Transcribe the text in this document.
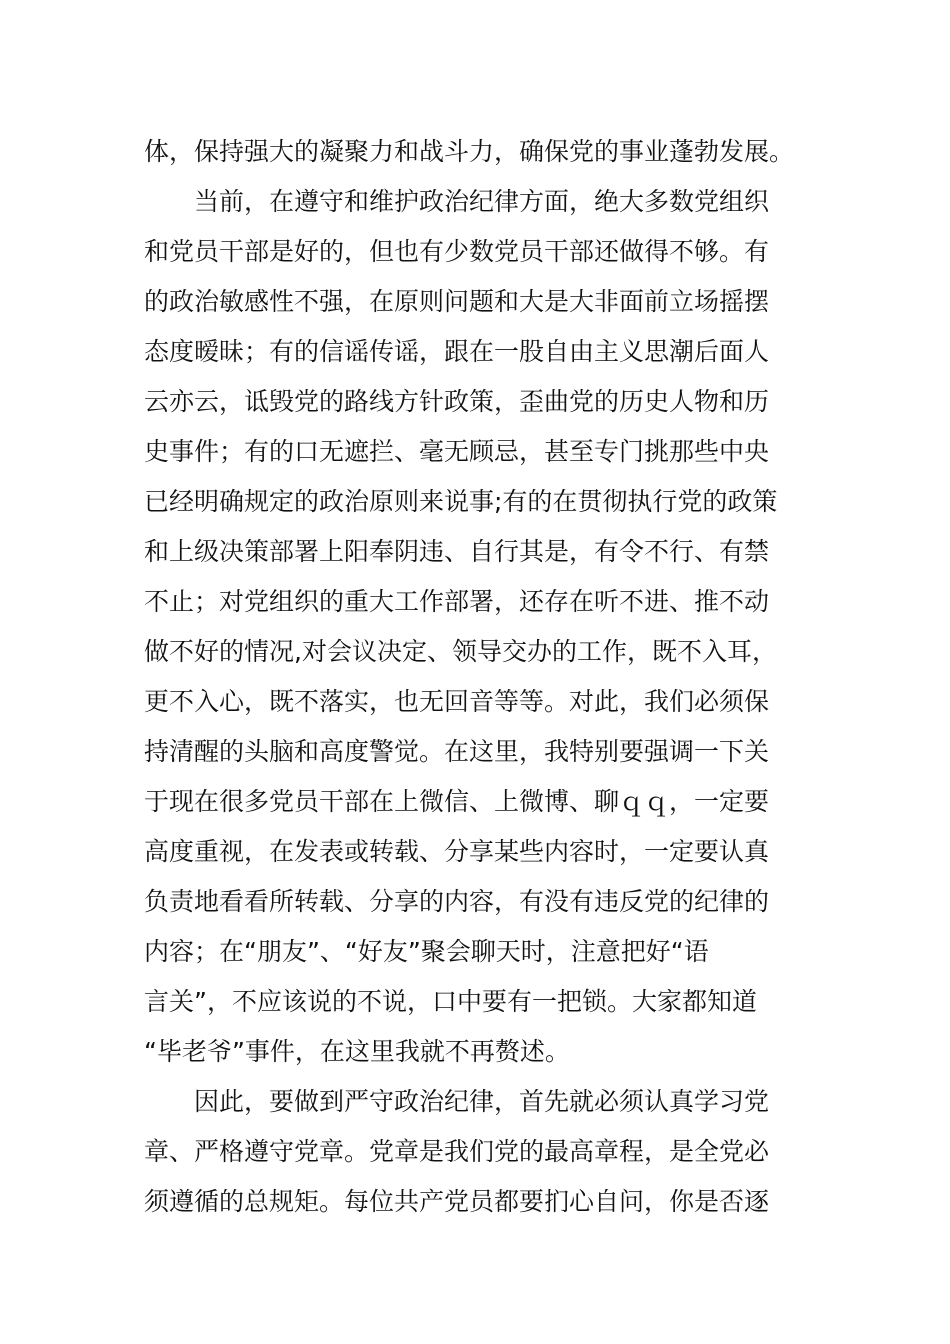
体，保持强大的凝聚力和战斗力，确保党的事业蓬勃发展。
当前，在遵守和维护政治纪律方面，绝大多数党组织
和党员干部是好的，但也有少数党员干部还做得不够。有
的政治敏感性不强，在原则问题和大是大非面前立场摇摆
态度暧昧；有的信谣传谣，跟在一股自由主义思潮后面人
云亦云，诋毁党的路线方针政策，歪曲党的历史人物和历
史事件；有的口无遮拦、毫无顾忌，甚至专门挑那些中央
已经明确规定的政治原则来说事;有的在贯彻执行党的政策
和上级决策部署上阳奉阴违、自行其是，有令不行、有禁
不止；对党组织的重大工作部署，还存在听不进、推不动
做不好的情况,对会议决定、领导交办的工作，既不入耳，
更不入心，既不落实，也无回音等等。对此，我们必须保
持清醒的头脑和高度警觉。在这里，我特别要强调一下关
于现在很多党员干部在上微信、上微博、聊ｑｑ，一定要
高度重视，在发表或转载、分享某些内容时，一定要认真
负责地看看所转载、分享的内容，有没有违反党的纪律的
内容；在“朋友”、“好友”聚会聊天时，注意把好“语
言关”，不应该说的不说，口中要有一把锁。大家都知道
“毕老爷”事件，在这里我就不再赘述。
因此，要做到严守政治纪律，首先就必须认真学习党
章、严格遵守党章。党章是我们党的最高章程，是全党必
须遵循的总规矩。每位共产党员都要扪心自问，你是否逐
